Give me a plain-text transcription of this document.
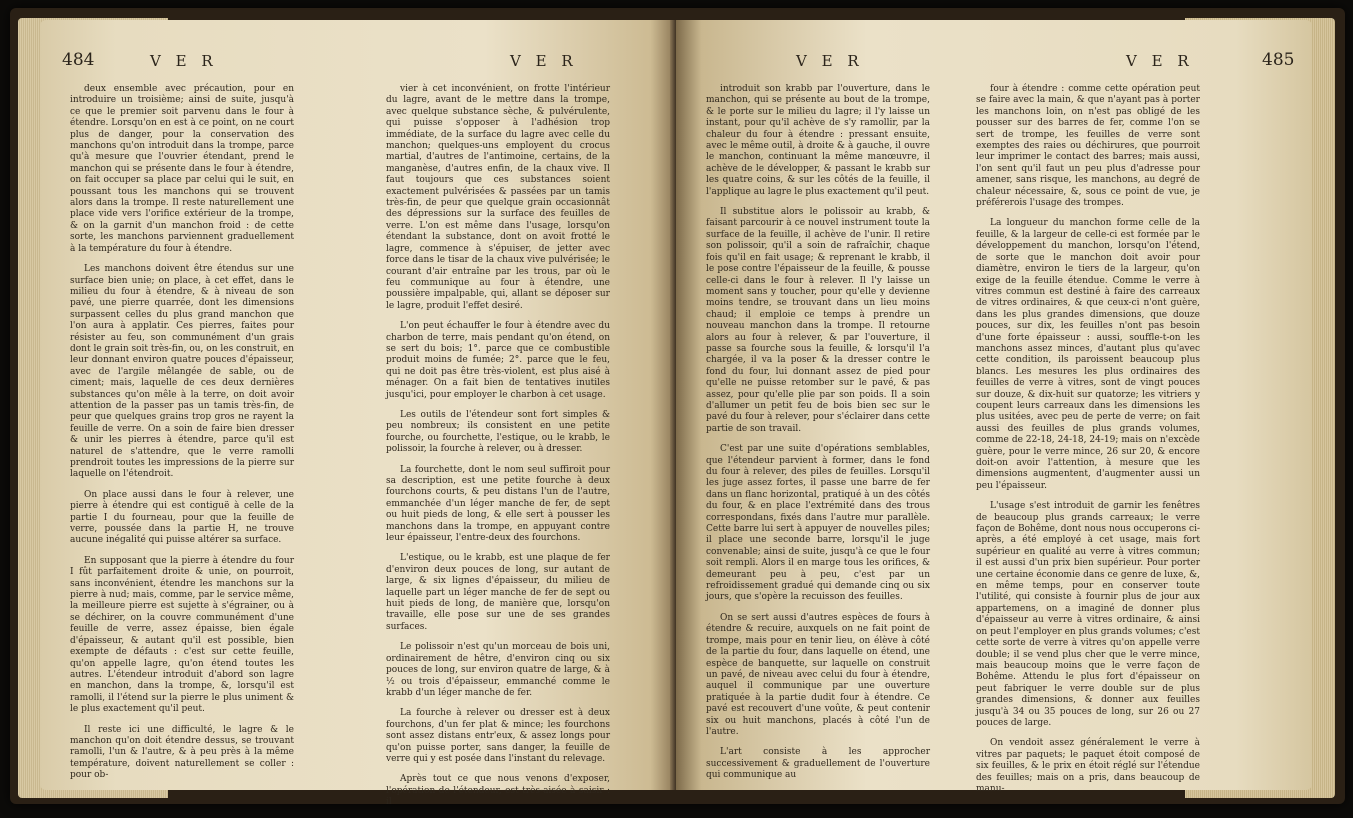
484	V E R	V E R

deux ensemble avec précaution, pour en introduire un troisième; ainsi de suite, jusqu'à ce que le premier soit parvenu dans le four à étendre. Lorsqu'on en est à ce point, on ne court plus de danger, pour la conservation des manchons qu'on introduit dans la trompe, parce qu'à mesure que l'ouvrier étendant, prend le manchon qui se présente dans le four à étendre, on fait occuper sa place par celui qui le suit, en poussant tous les manchons qui se trouvent alors dans la trompe. Il reste naturellement une place vide vers l'orifice extérieur de la trompe, & on la garnit d'un manchon froid : de cette sorte, les manchons parviennent graduellement à la température du four à étendre.

Les manchons doivent être étendus sur une surface bien unie; on place, à cet effet, dans le milieu du four à étendre, & à niveau de son pavé, une pierre quarrée, dont les dimensions surpassent celles du plus grand manchon que l'on aura à applatir. Ces pierres, faites pour résister au feu, son communément d'un grais dont le grain soit très-fin, ou, on les construit, en leur donnant environ quatre pouces d'épaisseur, avec de l'argile mêlangée de sable, ou de ciment; mais, laquelle de ces deux dernières substances qu'on mêle à la terre, on doit avoir attention de la passer pas un tamis très-fin, de peur que quelques grains trop gros ne rayent la feuille de verre. On a soin de faire bien dresser & unir les pierres à étendre, parce qu'il est naturel de s'attendre, que le verre ramolli prendroit toutes les impressions de la pierre sur laquelle on l'étendroit.

On place aussi dans le four à relever, une pierre à étendre qui est contiguë à celle de la partie I du fourneau, pour que la feuille de verre, poussée dans la partie H, ne trouve aucune inégalité qui puisse altérer sa surface.

En supposant que la pierre à étendre du four I fût parfaitement droite & unie, on pourroit, sans inconvénient, étendre les manchons sur la pierre à nud; mais, comme, par le service même, la meilleure pierre est sujette à s'égrainer, ou à se déchirer, on la couvre communément d'une feuille de verre, assez épaisse, bien égale d'épaisseur, & autant qu'il est possible, bien exempte de défauts : c'est sur cette feuille, qu'on appelle lagre, qu'on étend toutes les autres. L'étendeur introduit d'abord son lagre en manchon, dans la trompe, &, lorsqu'il est ramolli, il l'étend sur la pierre le plus uniment & le plus exactement qu'il peut.

Il reste ici une difficulté, le lagre & le manchon qu'on doit étendre dessus, se trouvant ramolli, l'un & l'autre, & à peu près à la même température, doivent naturellement se coller : pour ob-

vier à cet inconvénient, on frotte l'intérieur du lagre, avant de le mettre dans la trompe, avec quelque substance sèche, & pulvérulente, qui puisse s'opposer à l'adhésion trop immédiate, de la surface du lagre avec celle du manchon; quelques-uns employent du crocus martial, d'autres de l'antimoine, certains, de la manganèse, d'autres enfin, de la chaux vive. Il faut toujours que ces substances soient exactement pulvérisées & passées par un tamis très-fin, de peur que quelque grain occasionnât des dépressions sur la surface des feuilles de verre. L'on est même dans l'usage, lorsqu'on étendant la substance, dont on avoit frotté le lagre, commence à s'épuiser, de jetter avec force dans le tisar de la chaux vive pulvérisée; le courant d'air entraîne par les trous, par où le feu communique au four à étendre, une poussière impalpable, qui, allant se déposer sur le lagre, produit l'effet desiré.

L'on peut échauffer le four à étendre avec du charbon de terre, mais pendant qu'on étend, on se sert du bois; 1°. parce que ce combustible produit moins de fumée; 2°. parce que le feu, qui ne doit pas être très-violent, est plus aisé à ménager. On a fait bien de tentatives inutiles jusqu'ici, pour employer le charbon à cet usage.

Les outils de l'étendeur sont fort simples & peu nombreux; ils consistent en une petite fourche, ou fourchette, l'estique, ou le krabb, le polissoir, la fourche à relever, ou à dresser.

La fourchette, dont le nom seul suffiroit pour sa description, est une petite fourche à deux fourchons courts, & peu distans l'un de l'autre, emmanchée d'un léger manche de fer, de sept ou huit pieds de long, & elle sert à pousser les manchons dans la trompe, en appuyant contre leur épaisseur, l'entre-deux des fourchons.

L'estique, ou le krabb, est une plaque de fer d'environ deux pouces de long, sur autant de large, & six lignes d'épaisseur, du milieu de laquelle part un léger manche de fer de sept ou huit pieds de long, de manière que, lorsqu'on travaille, elle pose sur une de ses grandes surfaces.

Le polissoir n'est qu'un morceau de bois uni, ordinairement de hêtre, d'environ cinq ou six pouces de long, sur environ quatre de large, & à ½ ou trois d'épaisseur, emmanché comme le krabb d'un léger manche de fer.

La fourche à relever ou dresser est à deux fourchons, d'un fer plat & mince; les fourchons sont assez distans entr'eux, & assez longs pour qu'on puisse porter, sans danger, la feuille de verre qui y est posée dans l'instant du relevage.

Après tout ce que nous venons d'exposer, l'opération de l'étendeur, est très-aisée à saisir : il

V E R	V E R	485

introduit son krabb par l'ouverture, dans le manchon, qui se présente au bout de la trompe, & le porte sur le milieu du lagre; il l'y laisse un instant, pour qu'il achève de s'y ramollir, par la chaleur du four à étendre : pressant ensuite, avec le même outil, à droite & à gauche, il ouvre le manchon, continuant la même manœuvre, il achève de le développer, & passant le krabb sur les quatre coins, & sur les côtés de la feuille, il l'applique au lagre le plus exactement qu'il peut.

Il substitue alors le polissoir au krabb, & faisant parcourir à ce nouvel instrument toute la surface de la feuille, il achève de l'unir. Il retire son polissoir, qu'il a soin de rafraîchir, chaque fois qu'il en fait usage; & reprenant le krabb, il le pose contre l'épaisseur de la feuille, & pousse celle-ci dans le four à relever. Il l'y laisse un moment sans y toucher, pour qu'elle y devienne moins tendre, se trouvant dans un lieu moins chaud; il emploie ce temps à prendre un nouveau manchon dans la trompe. Il retourne alors au four à relever, & par l'ouverture, il passe sa fourche sous la feuille, & lorsqu'il l'a chargée, il va la poser & la dresser contre le fond du four, lui donnant assez de pied pour qu'elle ne puisse retomber sur le pavé, & pas assez, pour qu'elle plie par son poids. Il a soin d'allumer un petit feu de bois bien sec sur le pavé du four à relever, pour s'éclairer dans cette partie de son travail.

C'est par une suite d'opérations semblables, que l'étendeur parvient à former, dans le fond du four à relever, des piles de feuilles. Lorsqu'il les juge assez fortes, il passe une barre de fer dans un flanc horizontal, pratiqué à un des côtés du four, & en place l'extrémité dans des trous correspondans, fixés dans l'autre mur parallèle. Cette barre lui sert à appuyer de nouvelles piles; il place une seconde barre, lorsqu'il le juge convenable; ainsi de suite, jusqu'à ce que le four soit rempli. Alors il en marge tous les orifices, & demeurant peu à peu, c'est par un refroidissement gradué qui demande cinq ou six jours, que s'opère la recuisson des feuilles.

On se sert aussi d'autres espèces de fours à étendre & recuire, auxquels on ne fait point de trompe, mais pour en tenir lieu, on élève à côté de la partie du four, dans laquelle on étend, une espèce de banquette, sur laquelle on construit un pavé, de niveau avec celui du four à étendre, auquel il communique par une ouverture pratiquée à la partie dudit four à étendre. Ce pavé est recouvert d'une voûte, & peut contenir six ou huit manchons, placés à côté l'un de l'autre.

L'art consiste à les approcher successivement & graduellement de l'ouverture qui communique au

four à étendre : comme cette opération peut se faire avec la main, & que n'ayant pas à porter les manchons loin, on n'est pas obligé de les pousser sur des barres de fer, comme l'on se sert de trompe, les feuilles de verre sont exemptes des raies ou déchirures, que pourroit leur imprimer le contact des barres; mais aussi, l'on sent qu'il faut un peu plus d'adresse pour amener, sans risque, les manchons, au degré de chaleur nécessaire, &, sous ce point de vue, je préférerois l'usage des trompes.

La longueur du manchon forme celle de la feuille, & la largeur de celle-ci est formée par le développement du manchon, lorsqu'on l'étend, de sorte que le manchon doit avoir pour diamètre, environ le tiers de la largeur, qu'on exige de la feuille étendue. Comme le verre à vitres commun est destiné à faire des carreaux de vitres ordinaires, & que ceux-ci n'ont guère, dans les plus grandes dimensions, que douze pouces, sur dix, les feuilles n'ont pas besoin d'une forte épaisseur : aussi, souffle-t-on les manchons assez minces, d'autant plus qu'avec cette condition, ils paroissent beaucoup plus blancs. Les mesures les plus ordinaires des feuilles de verre à vitres, sont de vingt pouces sur douze, & dix-huit sur quatorze; les vitriers y coupent leurs carreaux dans les dimensions les plus usitées, avec peu de perte de verre; on fait aussi des feuilles de plus grands volumes, comme de 22-18, 24-18, 24-19; mais on n'excède guère, pour le verre mince, 26 sur 20, & encore doit-on avoir l'attention, à mesure que les dimensions augmentent, d'augmenter aussi un peu l'épaisseur.

L'usage s'est introduit de garnir les fenêtres de beaucoup plus grands carreaux; le verre façon de Bohême, dont nous nous occuperons ci-après, a été employé à cet usage, mais fort supérieur en qualité au verre à vitres commun; il est aussi d'un prix bien supérieur. Pour porter une certaine économie dans ce genre de luxe, &, en même temps, pour en conserver toute l'utilité, qui consiste à fournir plus de jour aux appartemens, on a imaginé de donner plus d'épaisseur au verre à vitres ordinaire, & ainsi on peut l'employer en plus grands volumes; c'est cette sorte de verre à vitres qu'on appelle verre double; il se vend plus cher que le verre mince, mais beaucoup moins que le verre façon de Bohême. Attendu le plus fort d'épaisseur on peut fabriquer le verre double sur de plus grandes dimensions, & donner aux feuilles jusqu'à 34 ou 35 pouces de long, sur 26 ou 27 pouces de large.

On vendoit assez généralement le verre à vitres par paquets; le paquet étoit composé de six feuilles, & le prix en étoit réglé sur l'étendue des feuilles; mais on a pris, dans beaucoup de manu-
